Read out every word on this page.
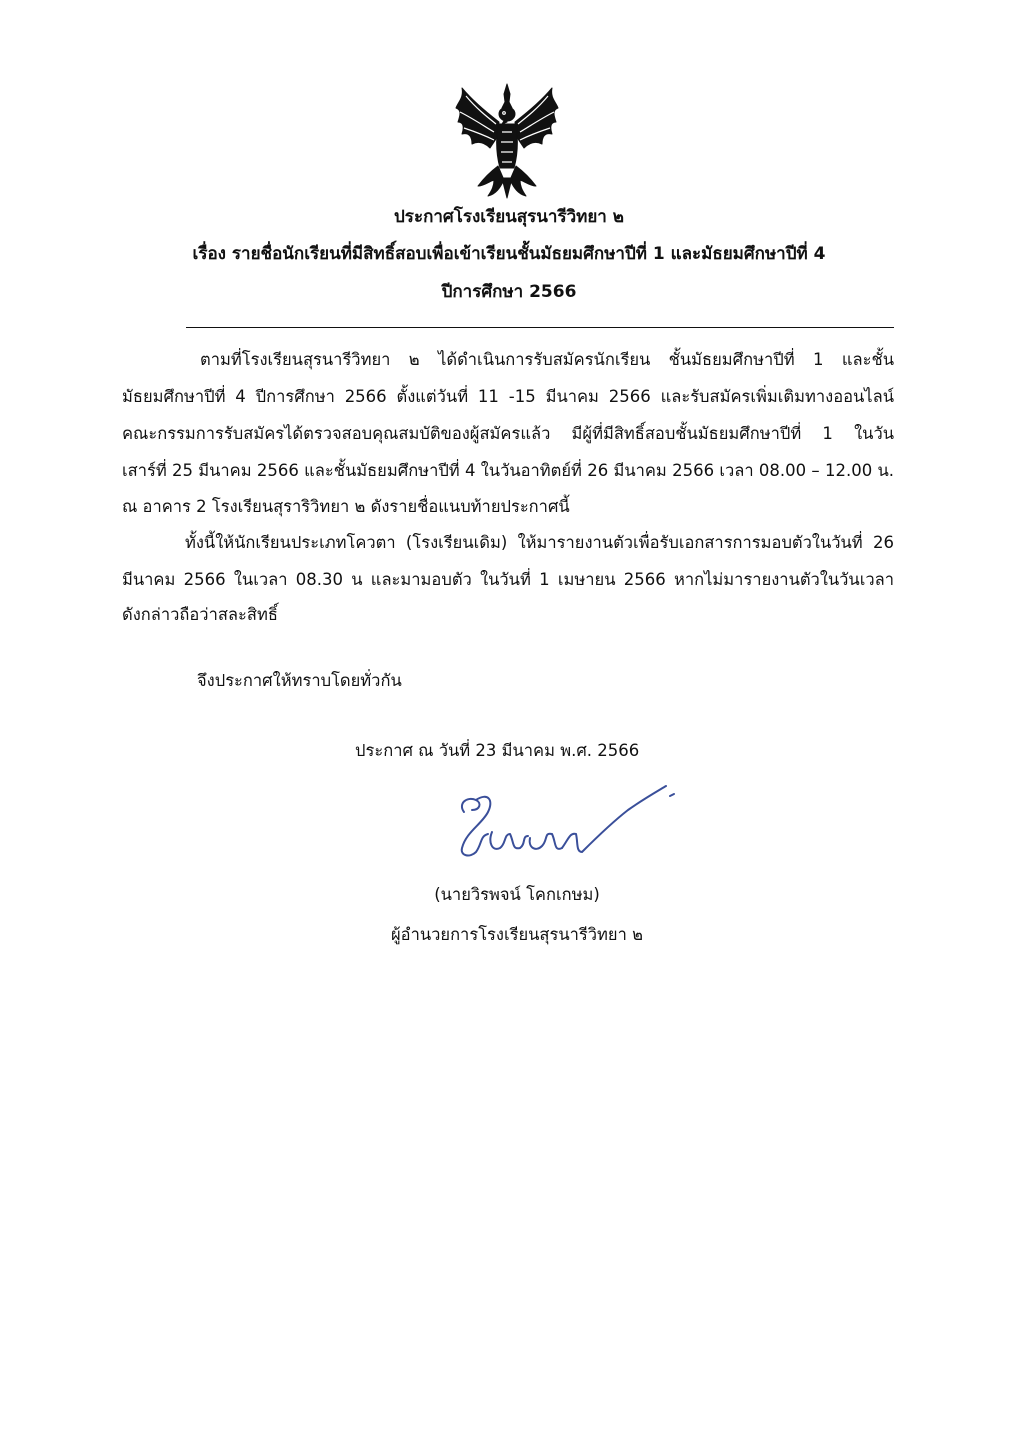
ประกาศโรงเรียนสุรนารีวิทยา ๒
เรื่อง รายชื่อนักเรียนที่มีสิทธิ์สอบเพื่อเข้าเรียนชั้นมัธยมศึกษาปีที่ 1 และมัธยมศึกษาปีที่ 4
ปีการศึกษา 2566
ตามที่โรงเรียนสุรนารีวิทยา ๒ ได้ดำเนินการรับสมัครนักเรียน ชั้นมัธยมศึกษาปีที่ 1 และชั้น
มัธยมศึกษาปีที่ 4 ปีการศึกษา 2566 ตั้งแต่วันที่ 11 -15 มีนาคม 2566 และรับสมัครเพิ่มเติมทางออนไลน์
คณะกรรมการรับสมัครได้ตรวจสอบคุณสมบัติของผู้สมัครแล้ว มีผู้ที่มีสิทธิ์สอบชั้นมัธยมศึกษาปีที่ 1 ในวัน
เสาร์ที่ 25 มีนาคม 2566 และชั้นมัธยมศึกษาปีที่ 4 ในวันอาทิตย์ที่ 26 มีนาคม 2566 เวลา 08.00 – 12.00 น.
ณ อาคาร 2 โรงเรียนสุราริวิทยา ๒ ดังรายชื่อแนบท้ายประกาศนี้
ทั้งนี้ให้นักเรียนประเภทโควตา (โรงเรียนเดิม) ให้มารายงานตัวเพื่อรับเอกสารการมอบตัวในวันที่ 26
มีนาคม 2566 ในเวลา 08.30 น และมามอบตัว ในวันที่ 1 เมษายน 2566 หากไม่มารายงานตัวในวันเวลา
ดังกล่าวถือว่าสละสิทธิ์
จึงประกาศให้ทราบโดยทั่วกัน
ประกาศ ณ วันที่ 23 มีนาคม พ.ศ. 2566
(นายวิรพจน์ โคกเกษม)
ผู้อำนวยการโรงเรียนสุรนารีวิทยา ๒
